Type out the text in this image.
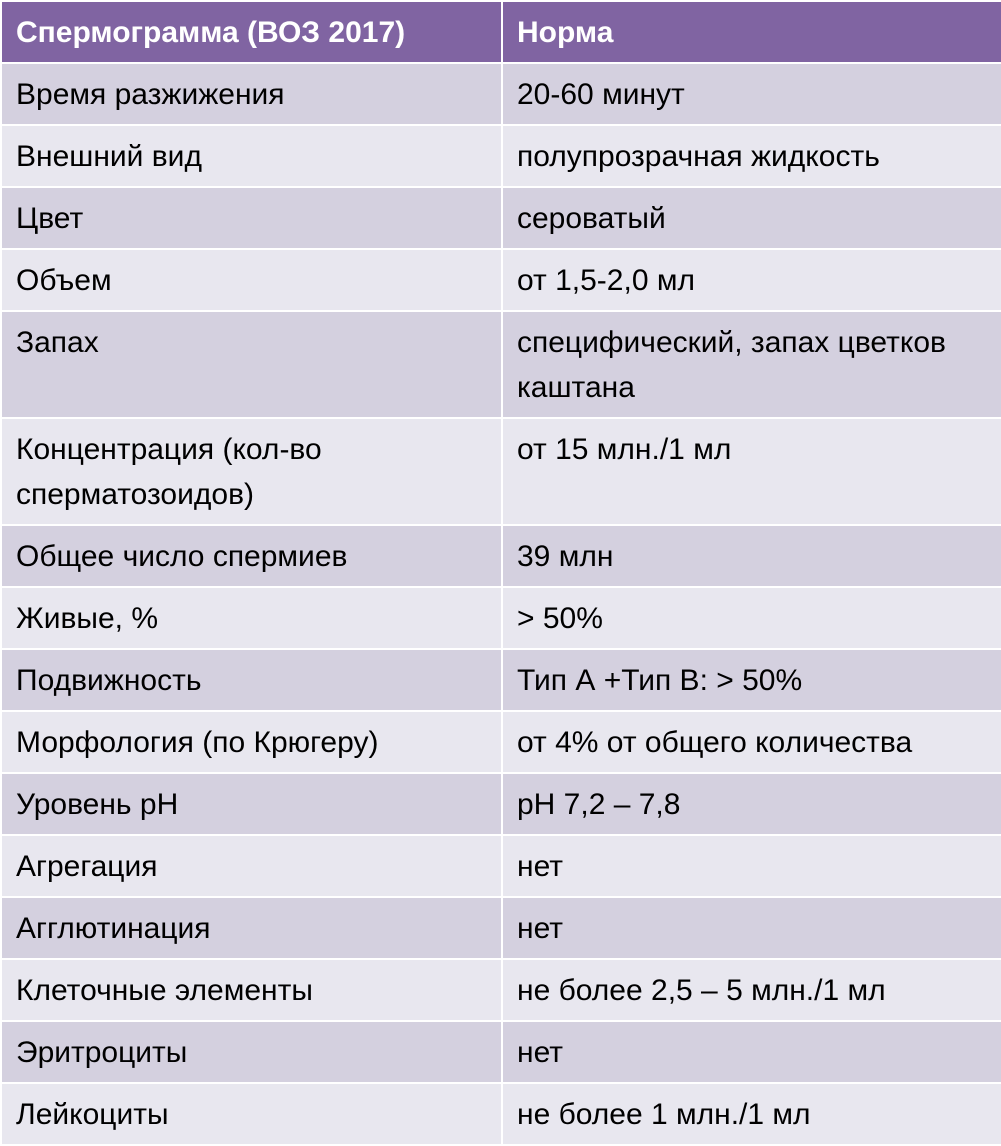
Спермограмма (ВОЗ 2017)	Норма
Время разжижения	20-60 минут
Внешний вид	полупрозрачная жидкость
Цвет	сероватый
Объем	от 1,5-2,0 мл
Запах	специфический, запах цветков каштана
Концентрация (кол-во сперматозоидов)	от 15 млн./1 мл
Общее число спермиев	39 млн
Живые, %	> 50%
Подвижность	Тип А +Тип В: > 50%
Морфология (по Крюгеру)	от 4% от общего количества
Уровень pH	pH 7,2 – 7,8
Агрегация	нет
Агглютинация	нет
Клеточные элементы	не более 2,5 – 5 млн./1 мл
Эритроциты	нет
Лейкоциты	не более 1 млн./1 мл
